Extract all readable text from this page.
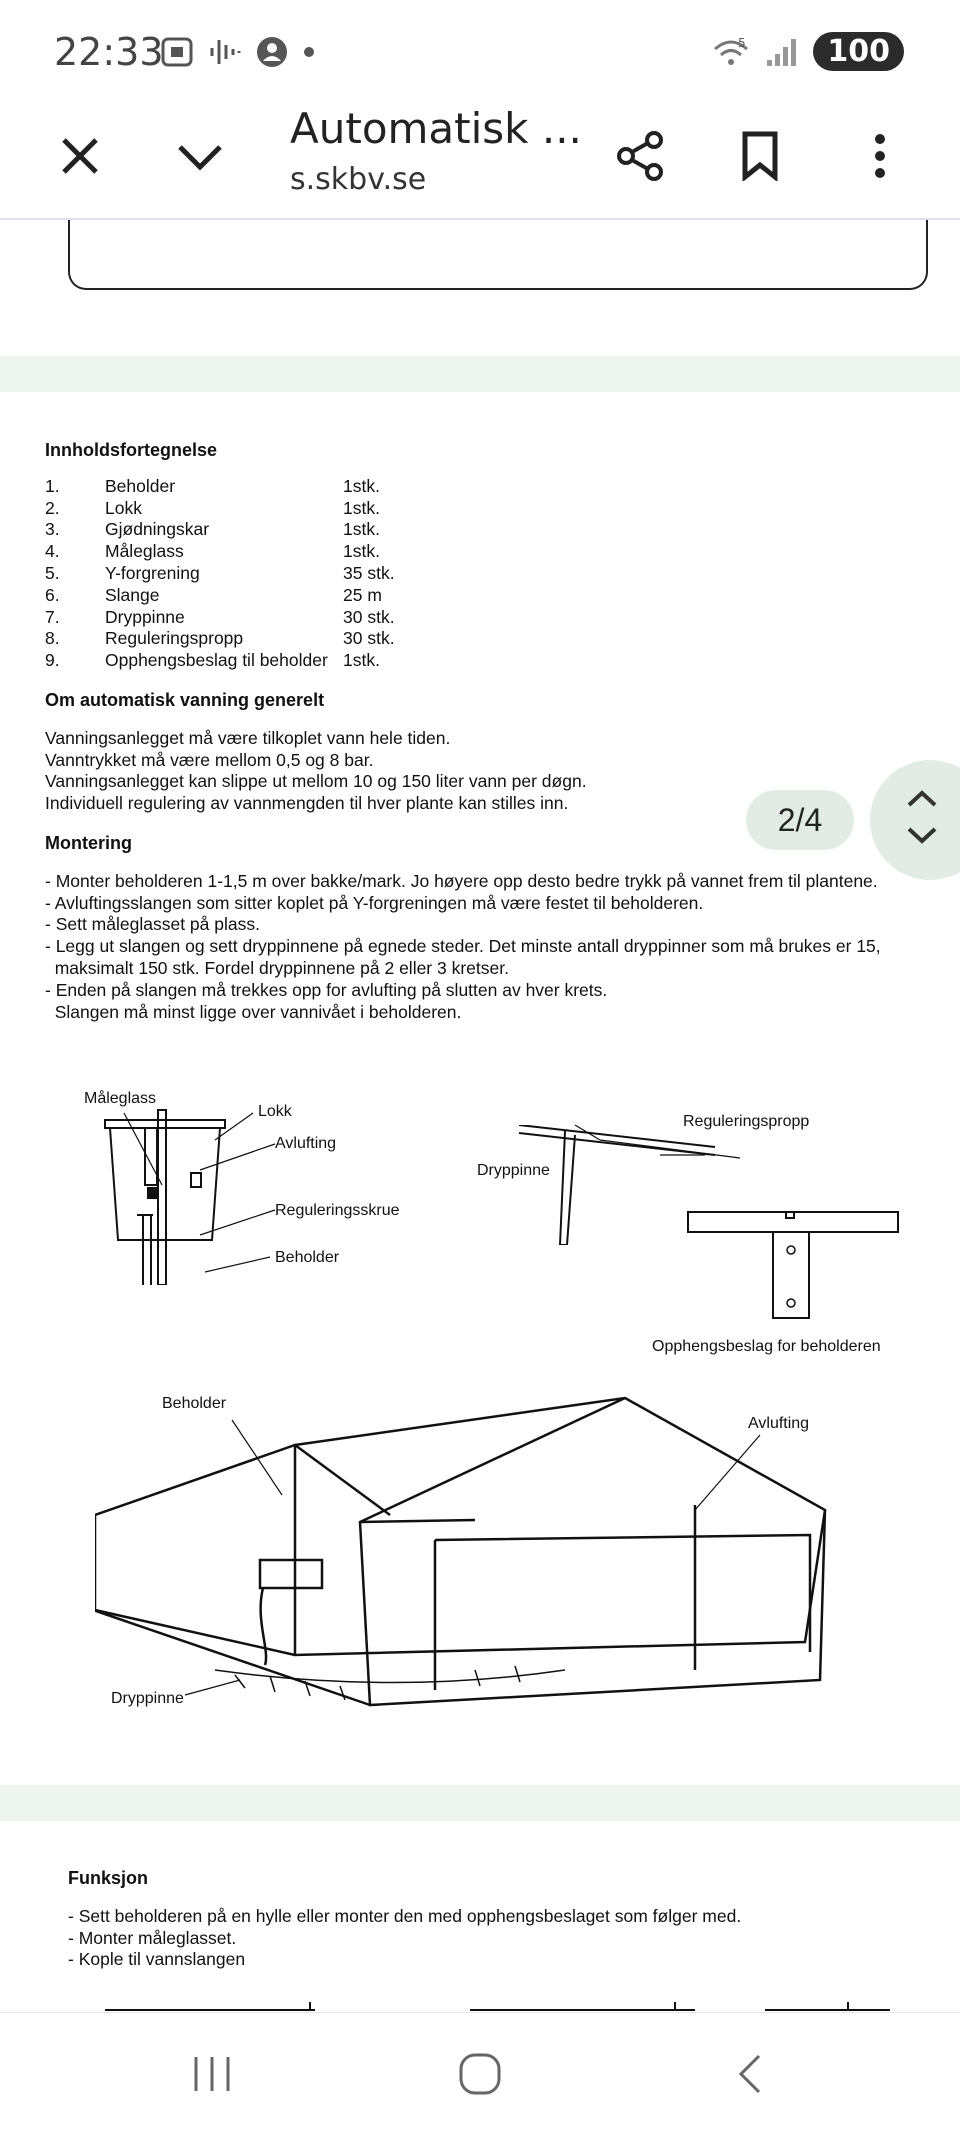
22:33	5	100
Automatisk ...
s.skbv.se
Innholdsfortegnelse
1.	Beholder	1stk.
2.	Lokk	1stk.
3.	Gjødningskar	1stk.
4.	Måleglass	1stk.
5.	Y-forgrening	35 stk.
6.	Slange	25 m
7.	Dryppinne	30 stk.
8.	Reguleringspropp	30 stk.
9.	Opphengsbeslag til beholder 1stk.
Om automatisk vanning generelt
Vanningsanlegget må være tilkoplet vann hele tiden.
Vanntrykket må være mellom 0,5 og 8 bar.
Vanningsanlegget kan slippe ut mellom 10 og 150 liter vann per døgn.
Individuell regulering av vannmengden til hver plante kan stilles inn.
Montering
- Monter beholderen 1-1,5 m over bakke/mark. Jo høyere opp desto bedre trykk på vannet frem til plantene.
- Avluftingsslangen som sitter koplet på Y-forgreningen må være festet til beholderen.
- Sett måleglasset på plass.
- Legg ut slangen og sett dryppinnene på egnede steder. Det minste antall dryppinner som må brukes er 15,
maksimalt 150 stk. Fordel dryppinnene på 2 eller 3 kretser.
- Enden på slangen må trekkes opp for avlufting på slutten av hver krets.
Slangen må minst ligge over vannivået i beholderen.
2/4
Måleglass
Lokk
Avlufting
Reguleringsskrue
Beholder
Reguleringspropp
Dryppinne
Opphengsbeslag for beholderen
Beholder
Avlufting
Dryppinne
Funksjon
- Sett beholderen på en hylle eller monter den med opphengsbeslaget som følger med.
- Monter måleglasset.
- Kople til vannslangen
